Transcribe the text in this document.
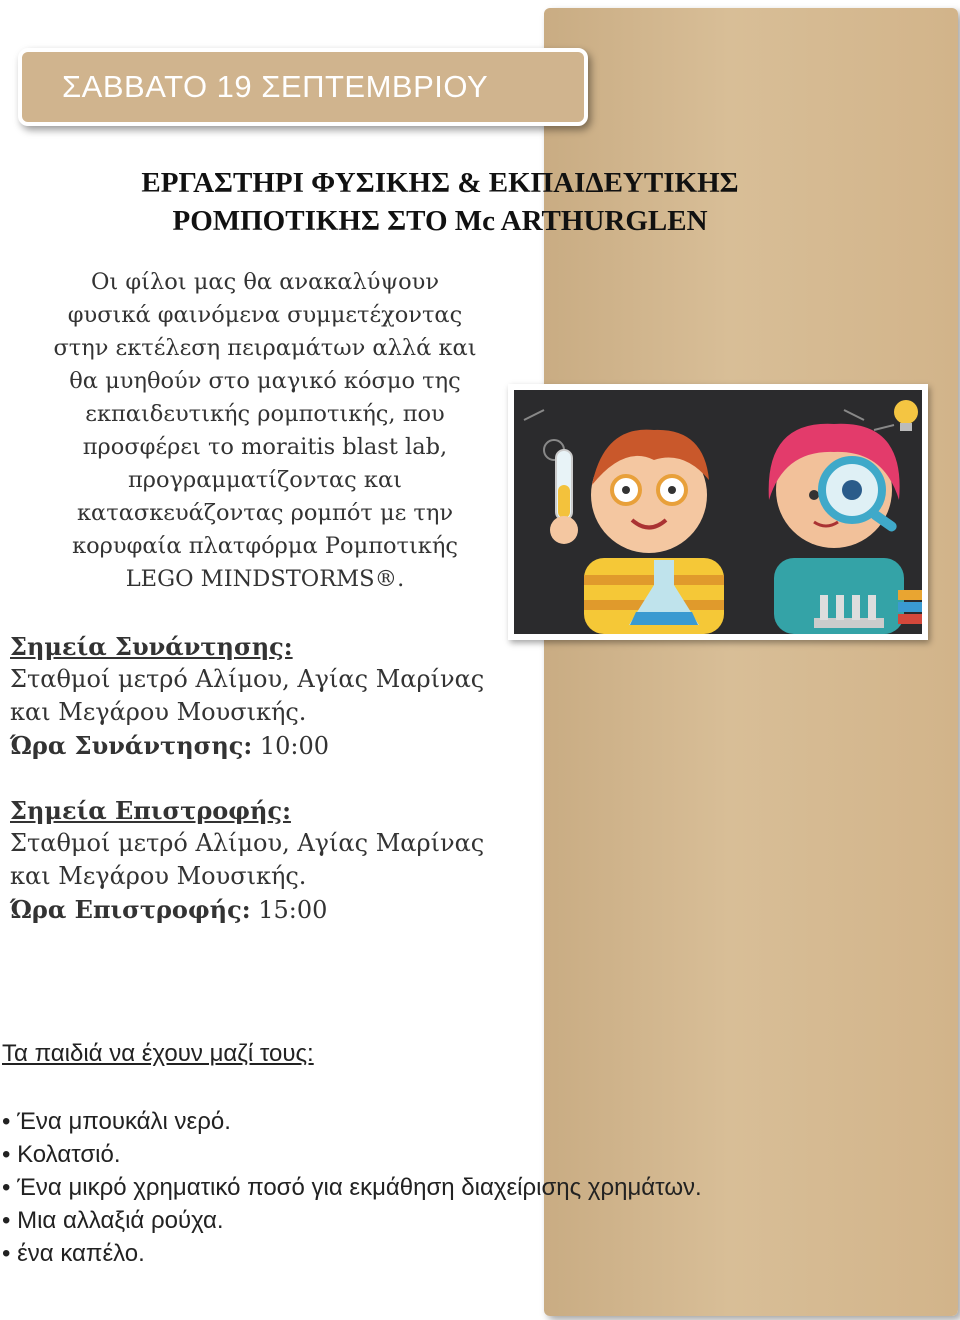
ΣΑΒΒΑΤΟ 19 ΣΕΠΤΕΜΒΡΙΟΥ
ΕΡΓΑΣΤΗΡΙ ΦΥΣΙΚΗΣ & ΕΚΠΑΙΔΕΥΤΙΚΗΣ
ΡΟΜΠΟΤΙΚΗΣ ΣΤΟ Mc ARTHURGLEN
Οι φίλοι μας θα ανακαλύψουν
φυσικά φαινόμενα συμμετέχοντας
στην εκτέλεση πειραμάτων αλλά και
θα μυηθούν στο μαγικό κόσμο της
εκπαιδευτικής ρομποτικής, που
προσφέρει το moraitis blast lab,
προγραμματίζοντας και
κατασκευάζοντας ρομπότ με την
κορυφαία πλατφόρμα Ρομποτικής
LEGO MINDSTORMS®.
Σημεία Συνάντησης:
Σταθμοί μετρό Αλίμου, Αγίας Μαρίνας
και Μεγάρου Μουσικής.
Ώρα Συνάντησης: 10:00
Σημεία Επιστροφής:
Σταθμοί μετρό Αλίμου, Αγίας Μαρίνας
και Μεγάρου Μουσικής.
Ώρα Επιστροφής: 15:00
Τα παιδιά να έχουν μαζί τους:
• Ένα μπουκάλι νερό.
• Κολατσιό.
• Ένα μικρό χρηματικό ποσό για εκμάθηση διαχείρισης χρημάτων.
• Μια αλλαξιά ρούχα.
• ένα καπέλο.
